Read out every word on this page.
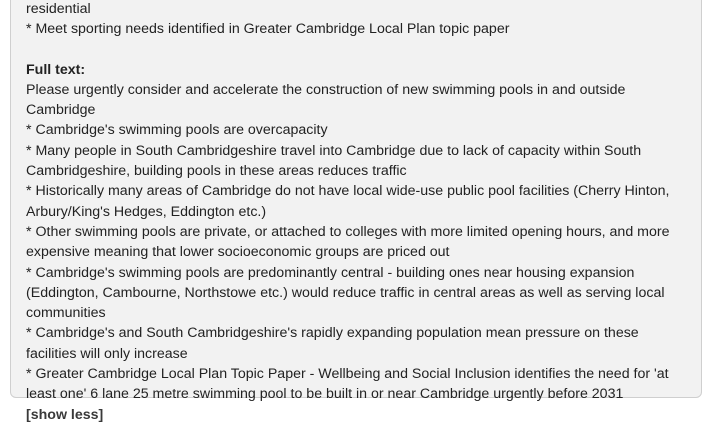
residential

* Meet sporting needs identified in Greater Cambridge Local Plan topic paper

Full text:

Please urgently consider and accelerate the construction of new swimming pools in and outside Cambridge

* Cambridge's swimming pools are overcapacity

* Many people in South Cambridgeshire travel into Cambridge due to lack of capacity within South Cambridgeshire, building pools in these areas reduces traffic

* Historically many areas of Cambridge do not have local wide-use public pool facilities (Cherry Hinton, Arbury/King's Hedges, Eddington etc.)

* Other swimming pools are private, or attached to colleges with more limited opening hours, and more expensive meaning that lower socioeconomic groups are priced out

* Cambridge's swimming pools are predominantly central - building ones near housing expansion (Eddington, Cambourne, Northstowe etc.) would reduce traffic in central areas as well as serving local communities

* Cambridge's and South Cambridgeshire's rapidly expanding population mean pressure on these facilities will only increase

* Greater Cambridge Local Plan Topic Paper - Wellbeing and Social Inclusion identifies the need for 'at least one' 6 lane 25 metre swimming pool to be built in or near Cambridge urgently before 2031

[show less]
